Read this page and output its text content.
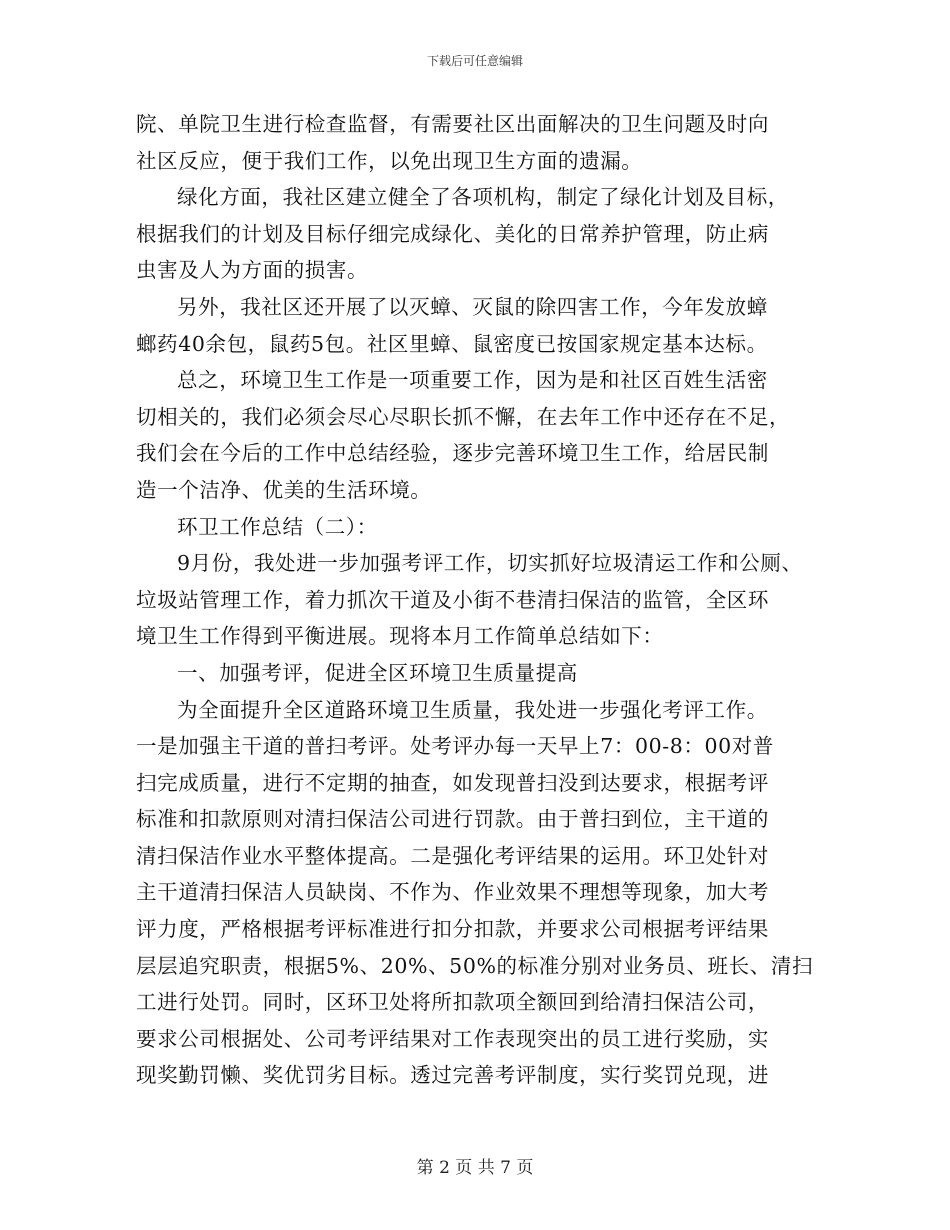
下载后可任意编辑
院、单院卫生进行检查监督，有需要社区出面解决的卫生问题及时向
社区反应，便于我们工作，以免出现卫生方面的遗漏。
绿化方面，我社区建立健全了各项机构，制定了绿化计划及目标，
根据我们的计划及目标仔细完成绿化、美化的日常养护管理，防止病
虫害及人为方面的损害。
另外，我社区还开展了以灭蟑、灭鼠的除四害工作，今年发放蟑
螂药40余包，鼠药5包。社区里蟑、鼠密度已按国家规定基本达标。
总之，环境卫生工作是一项重要工作，因为是和社区百姓生活密
切相关的，我们必须会尽心尽职长抓不懈，在去年工作中还存在不足，
我们会在今后的工作中总结经验，逐步完善环境卫生工作，给居民制
造一个洁净、优美的生活环境。
环卫工作总结（二）：
9月份，我处进一步加强考评工作，切实抓好垃圾清运工作和公厕、
垃圾站管理工作，着力抓次干道及小街不巷清扫保洁的监管，全区环
境卫生工作得到平衡进展。现将本月工作简单总结如下：
一、加强考评，促进全区环境卫生质量提高
为全面提升全区道路环境卫生质量，我处进一步强化考评工作。
一是加强主干道的普扫考评。处考评办每一天早上7：00-8：00对普
扫完成质量，进行不定期的抽查，如发现普扫没到达要求，根据考评
标准和扣款原则对清扫保洁公司进行罚款。由于普扫到位，主干道的
清扫保洁作业水平整体提高。二是强化考评结果的运用。环卫处针对
主干道清扫保洁人员缺岗、不作为、作业效果不理想等现象，加大考
评力度，严格根据考评标准进行扣分扣款，并要求公司根据考评结果
层层追究职责，根据5%、20%、50%的标准分别对业务员、班长、清扫
工进行处罚。同时，区环卫处将所扣款项全额回到给清扫保洁公司，
要求公司根据处、公司考评结果对工作表现突出的员工进行奖励，实
现奖勤罚懒、奖优罚劣目标。透过完善考评制度，实行奖罚兑现，进
第 2 页 共 7 页
